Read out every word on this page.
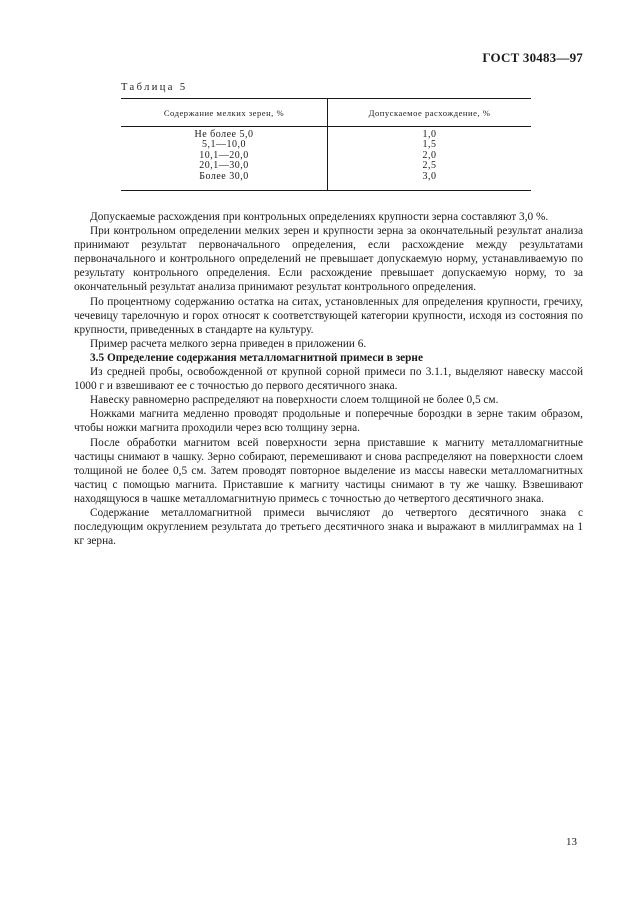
ГОСТ 30483—97
Таблица 5
Содержание мелких зерен, %	Допускаемое расхождение, %
Не более 5,0
5,1—10,0
10,1—20,0
20,1—30,0
Более 30,0
1,0
1,5
2,0
2,5
3,0

Допускаемые расхождения при контрольных определениях крупности зерна составляют 3,0 %.

При контрольном определении мелких зерен и крупности зерна за окончательный результат анализа принимают результат первоначального определения, если расхождение между результатами первоначального и контрольного определений не превышает допускаемую норму, устанавливаемую по результату контрольного определения. Если расхождение превышает допускаемую норму, то за окончательный результат анализа принимают результат контрольного определения.

По процентному содержанию остатка на ситах, установленных для определения крупности, гречиху, чечевицу тарелочную и горох относят к соответствующей категории крупности, исходя из состояния по крупности, приведенных в стандарте на культуру.

Пример расчета мелкого зерна приведен в приложении 6.

3.5 Определение содержания металломагнитной примеси в зерне

Из средней пробы, освобожденной от крупной сорной примеси по 3.1.1, выделяют навеску массой 1000 г и взвешивают ее с точностью до первого десятичного знака.

Навеску равномерно распределяют на поверхности слоем толщиной не более 0,5 см.

Ножками магнита медленно проводят продольные и поперечные бороздки в зерне таким образом, чтобы ножки магнита проходили через всю толщину зерна.

После обработки магнитом всей поверхности зерна приставшие к магниту металломагнитные частицы снимают в чашку. Зерно собирают, перемешивают и снова распределяют на поверхности слоем толщиной не более 0,5 см. Затем проводят повторное выделение из массы навески металломагнитных частиц с помощью магнита. Приставшие к магниту частицы снимают в ту же чашку. Взвешивают находящуюся в чашке металломагнитную примесь с точностью до четвертого десятичного знака.

Содержание металломагнитной примеси вычисляют до четвертого десятичного знака с последующим округлением результата до третьего десятичного знака и выражают в миллиграммах на 1 кг зерна.

13
